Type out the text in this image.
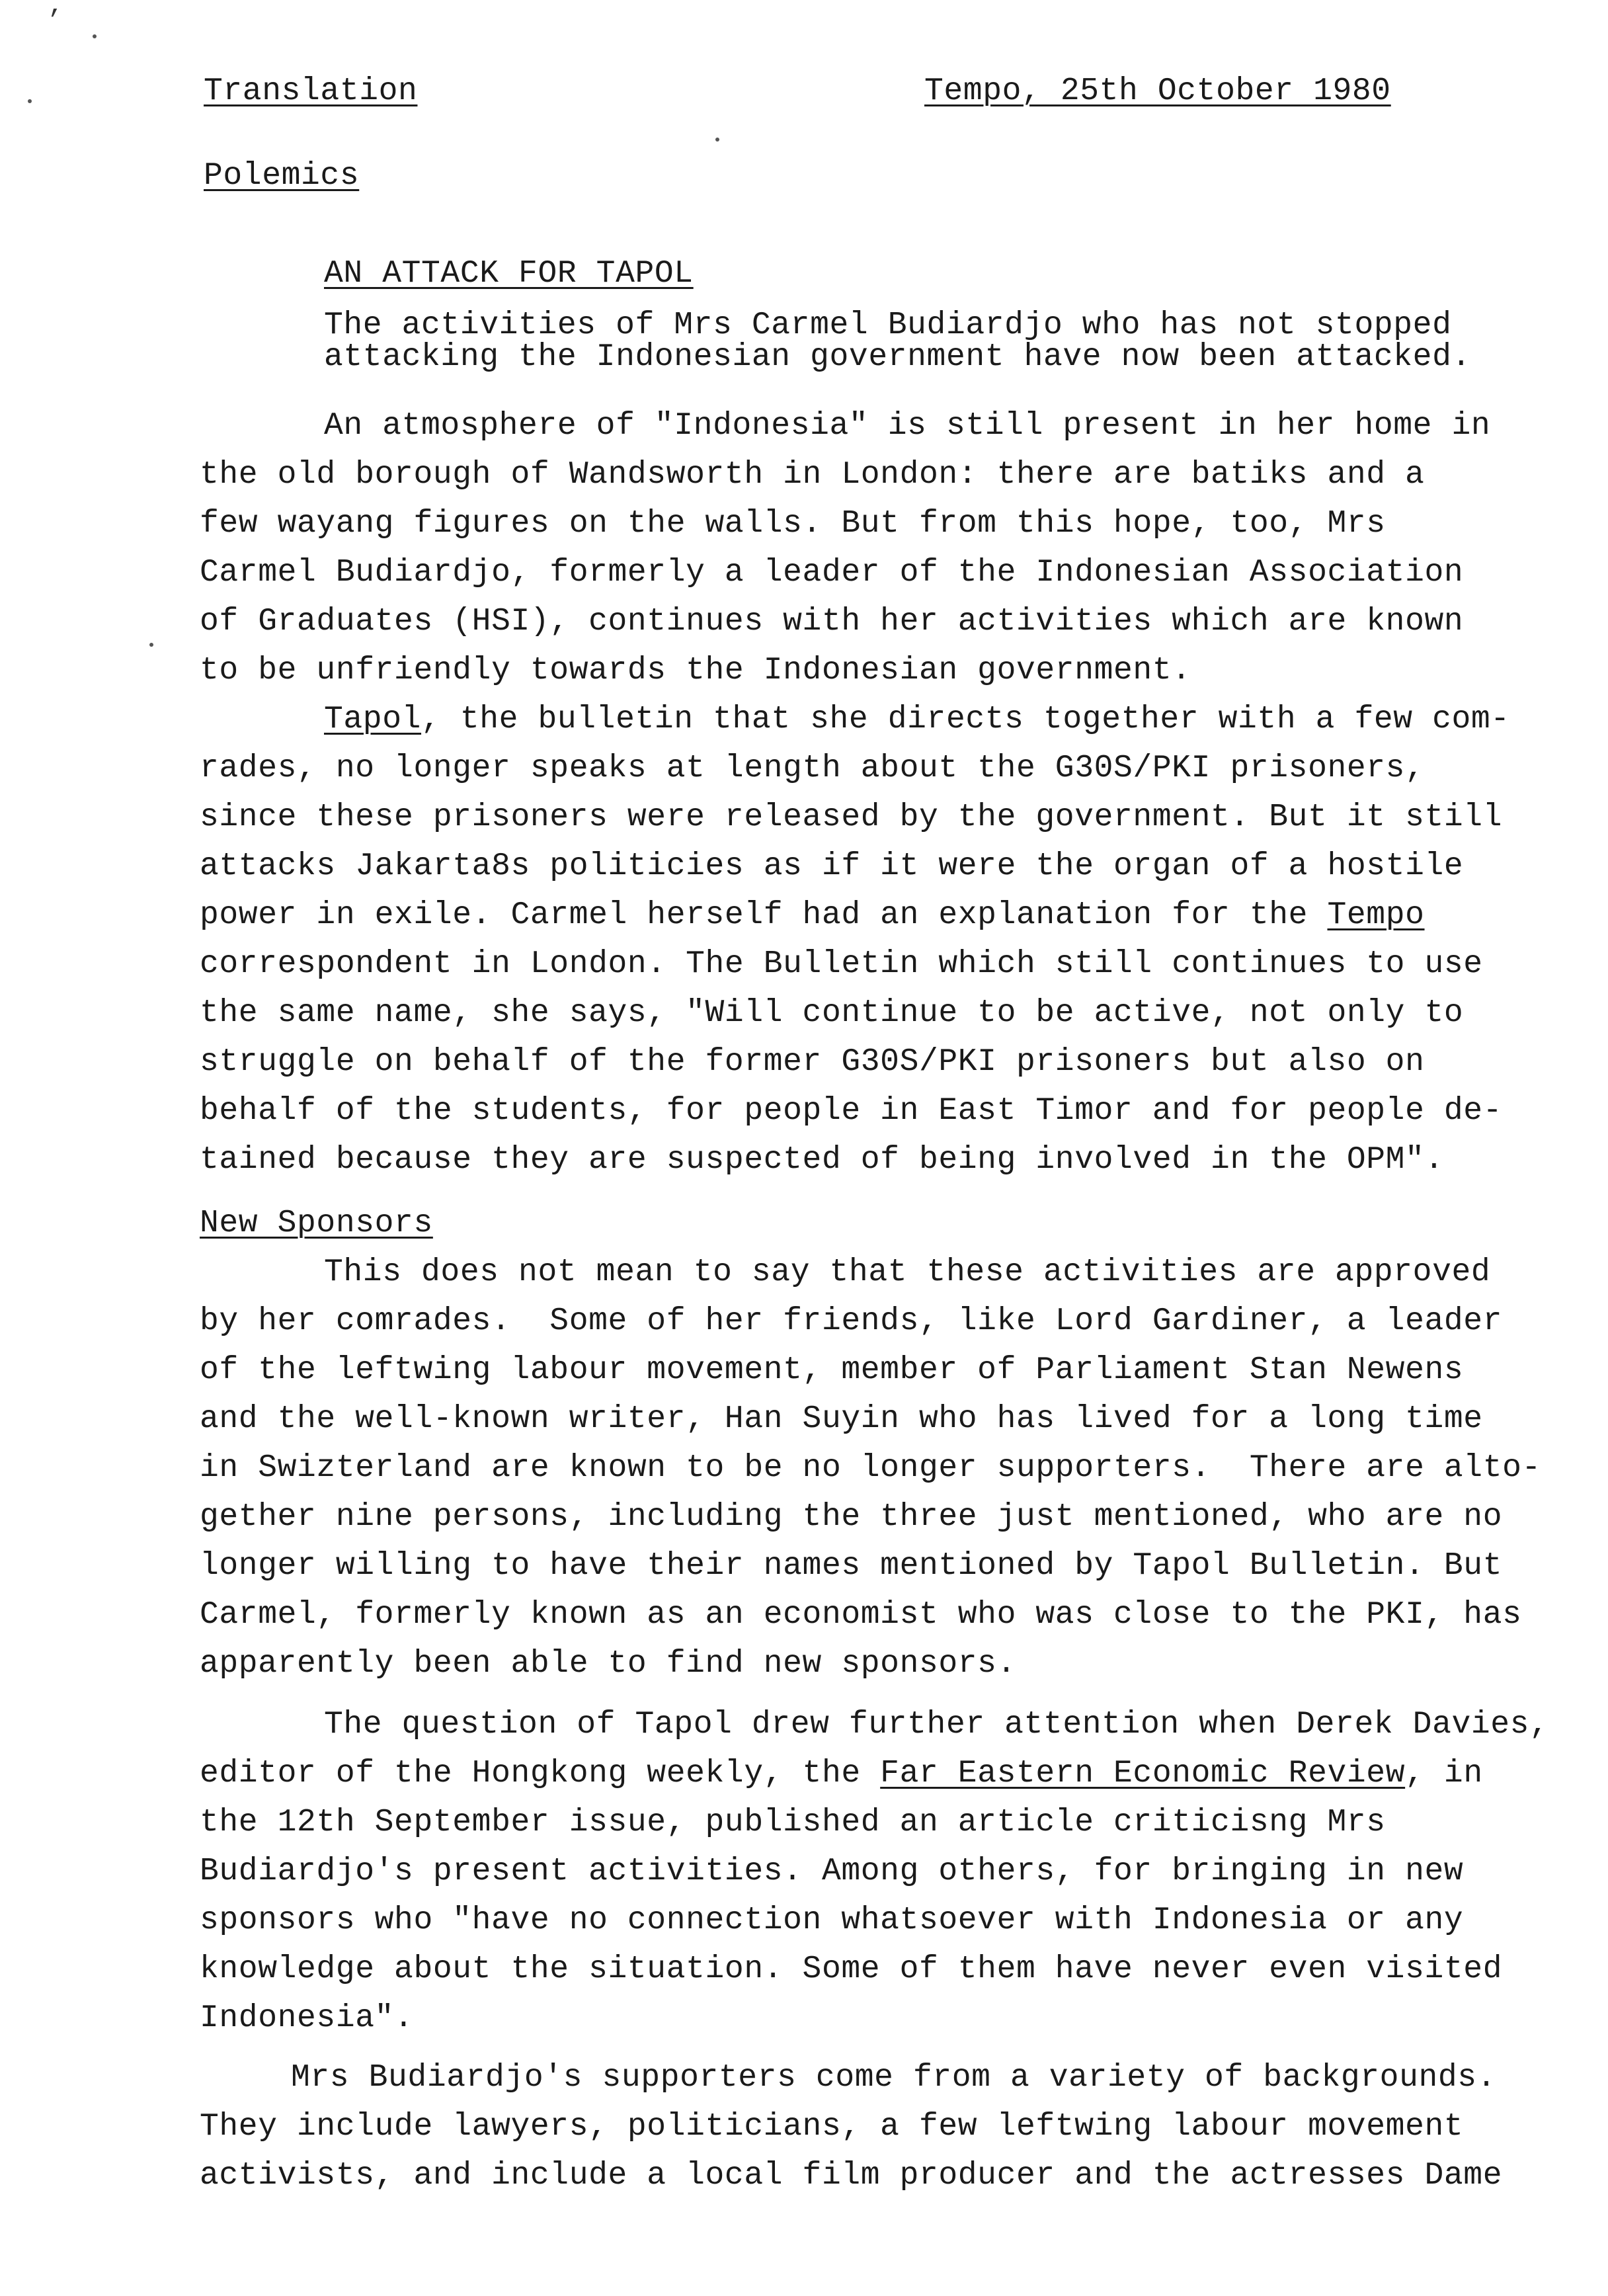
’
Translation	Tempo, 25th October 1980
Polemics
AN ATTACK FOR TAPOL
The activities of Mrs Carmel Budiardjo who has not stopped
attacking the Indonesian government have now been attacked.
An atmosphere of "Indonesia" is still present in her home in
the old borough of Wandsworth in London: there are batiks and a
few wayang figures on the walls. But from this hope, too, Mrs
Carmel Budiardjo, formerly a leader of the Indonesian Association
of Graduates (HSI), continues with her activities which are known
to be unfriendly towards the Indonesian government.
Tapol, the bulletin that she directs together with a few com-
rades, no longer speaks at length about the G30S/PKI prisoners,
since these prisoners were released by the government. But it still
attacks Jakarta8s politicies as if it were the organ of a hostile
power in exile. Carmel herself had an explanation for the Tempo
correspondent in London. The Bulletin which still continues to use
the same name, she says, "Will continue to be active, not only to
struggle on behalf of the former G30S/PKI prisoners but also on
behalf of the students, for people in East Timor and for people de-
tained because they are suspected of being involved in the OPM".
New Sponsors
This does not mean to say that these activities are approved
by her comrades.  Some of her friends, like Lord Gardiner, a leader
of the leftwing labour movement, member of Parliament Stan Newens
and the well-known writer, Han Suyin who has lived for a long time
in Swizterland are known to be no longer supporters.  There are alto-
gether nine persons, including the three just mentioned, who are no
longer willing to have their names mentioned by Tapol Bulletin. But
Carmel, formerly known as an economist who was close to the PKI, has
apparently been able to find new sponsors.
The question of Tapol drew further attention when Derek Davies,
editor of the Hongkong weekly, the Far Eastern Economic Review, in
the 12th September issue, published an article criticisng Mrs
Budiardjo's present activities. Among others, for bringing in new
sponsors who "have no connection whatsoever with Indonesia or any
knowledge about the situation. Some of them have never even visited
Indonesia".
Mrs Budiardjo's supporters come from a variety of backgrounds.
They include lawyers, politicians, a few leftwing labour movement
activists, and include a local film producer and the actresses Dame
